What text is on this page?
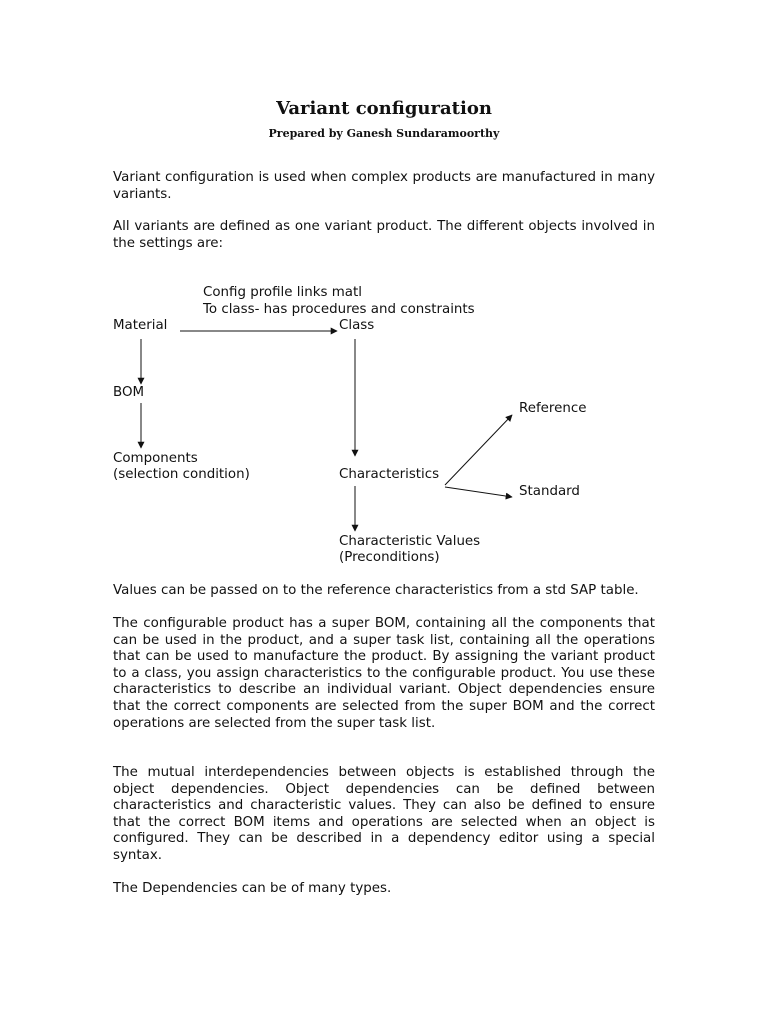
Variant configuration

Prepared by Ganesh Sundaramoorthy

Variant configuration is used when complex products are manufactured in many variants.

All variants are defined as one variant product. The different objects involved in the settings are:

Config profile links matl

To class- has procedures and constraints

Material	Class

BOM

Reference

Components

(selection condition)	Characteristics

Standard

Characteristic Values

(Preconditions)

Values can be passed on to the reference characteristics from a std SAP table.

The configurable product has a super BOM, containing all the components that can be used in the product, and a super task list, containing all the operations that can be used to manufacture the product. By assigning the variant product to a class, you assign characteristics to the configurable product. You use these characteristics to describe an individual variant. Object dependencies ensure that the correct components are selected from the super BOM and the correct operations are selected from the super task list.

The mutual interdependencies between objects is established through the object dependencies. Object dependencies can be defined between characteristics and characteristic values. They can also be defined to ensure that the correct BOM items and operations are selected when an object is configured. They can be described in a dependency editor using a special syntax.

The Dependencies can be of many types.
